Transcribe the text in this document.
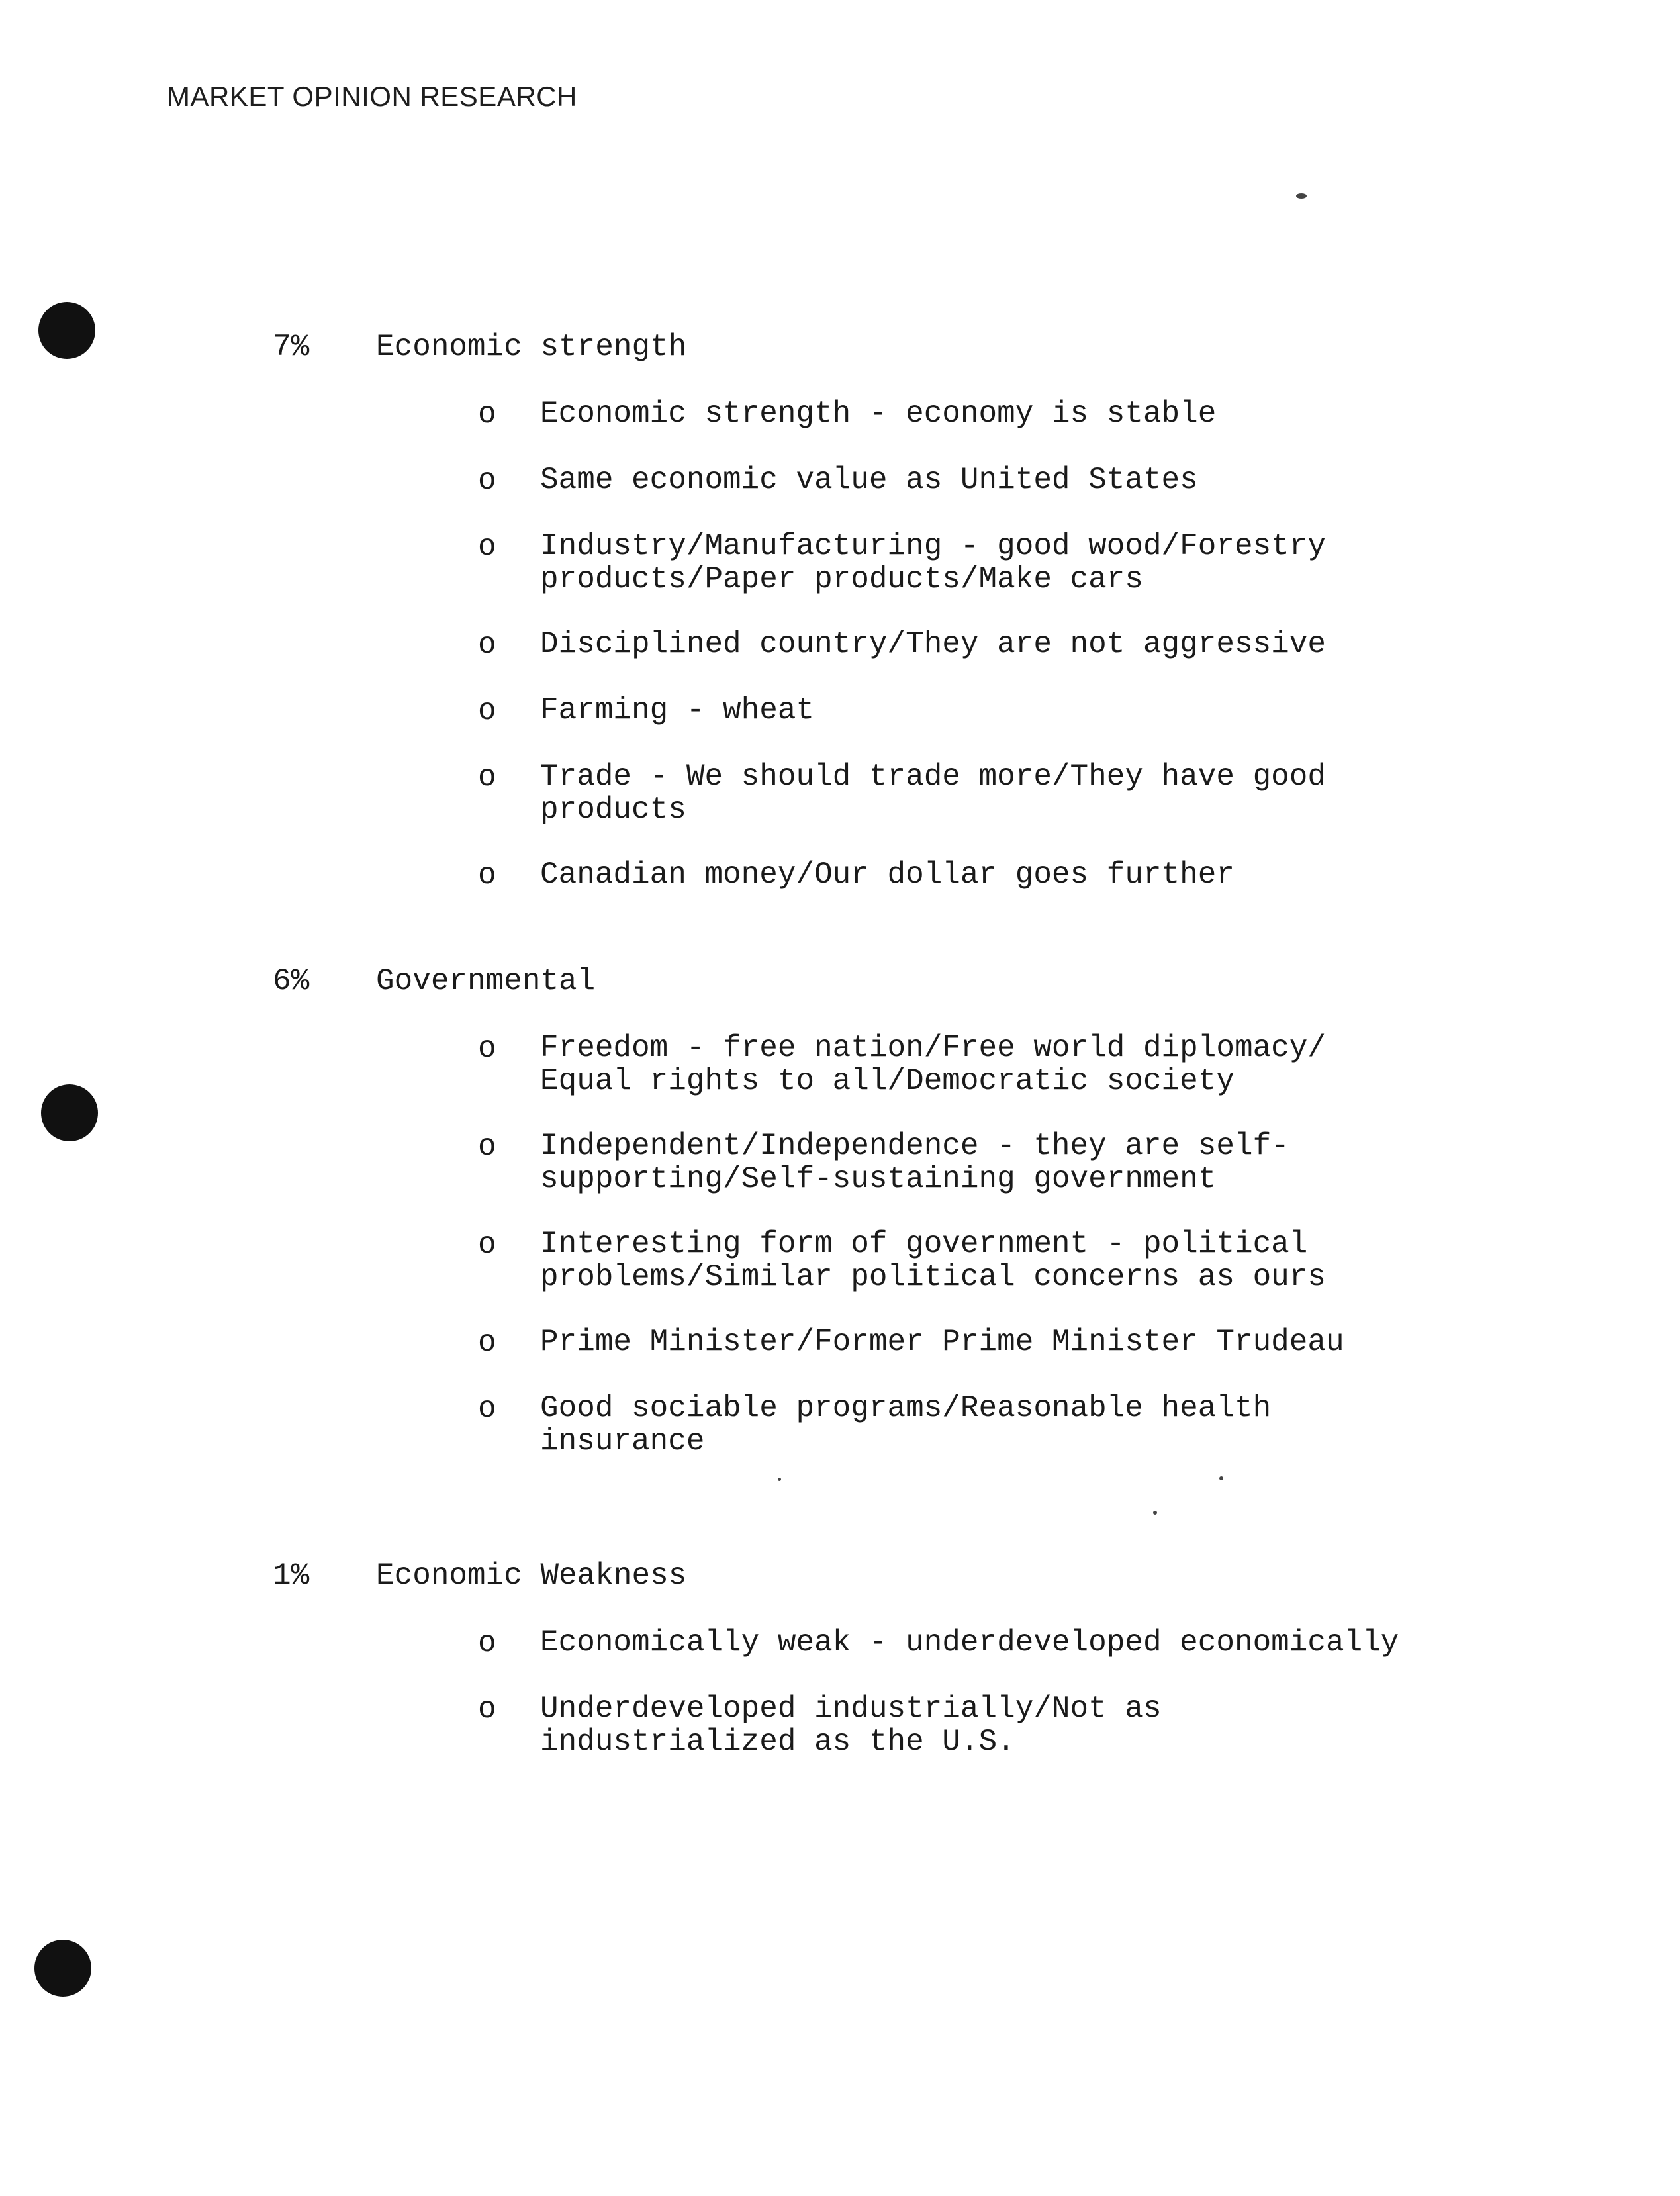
MARKET OPINION RESEARCH
7% Economic strength
o Economic strength - economy is stable
o Same economic value as United States
o Industry/Manufacturing - good wood/Forestry
products/Paper products/Make cars
o Disciplined country/They are not aggressive
o Farming - wheat
o Trade - We should trade more/They have good
products
o Canadian money/Our dollar goes further
6% Governmental
o Freedom - free nation/Free world diplomacy/
Equal rights to all/Democratic society
o Independent/Independence - they are self-
supporting/Self-sustaining government
o Interesting form of government - political
problems/Similar political concerns as ours
o Prime Minister/Former Prime Minister Trudeau
o Good sociable programs/Reasonable health
insurance
1% Economic Weakness
o Economically weak - underdeveloped economically
o Underdeveloped industrially/Not as
industrialized as the U.S.
